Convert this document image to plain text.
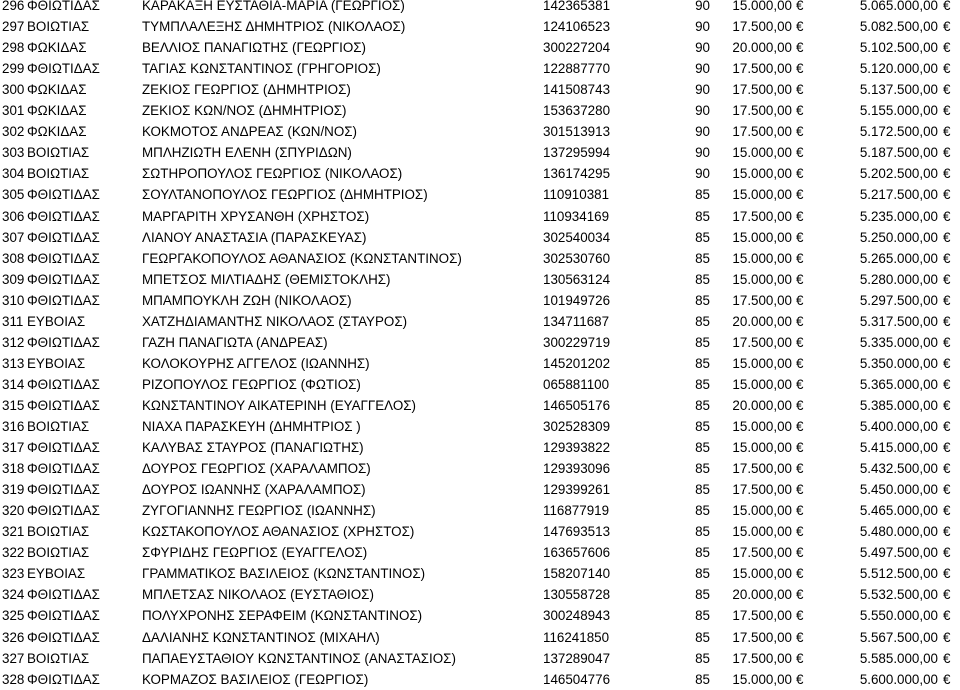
296 ΦΘΙΩΤΙΔΑΣ	ΚΑΡΑΚΑΞΗ ΕΥΣΤΑΘΙΑ-ΜΑΡΙΑ (ΓΕΩΡΓΙΟΣ)	142365381	90	15.000,00 €	5.065.000,00 €
297 ΒΟΙΩΤΙΑΣ	ΤΥΜΠΛΑΛΕΞΗΣ ΔΗΜΗΤΡΙΟΣ (ΝΙΚΟΛΑΟΣ)	124106523	90	17.500,00 €	5.082.500,00 €
298 ΦΩΚΙΔΑΣ	ΒΕΛΛΙΟΣ ΠΑΝΑΓΙΩΤΗΣ (ΓΕΩΡΓΙΟΣ)	300227204	90	20.000,00 €	5.102.500,00 €
299 ΦΘΙΩΤΙΔΑΣ	ΤΑΓΙΑΣ ΚΩΝΣΤΑΝΤΙΝΟΣ (ΓΡΗΓΟΡΙΟΣ)	122887770	90	17.500,00 €	5.120.000,00 €
300 ΦΩΚΙΔΑΣ	ΖΕΚΙΟΣ ΓΕΩΡΓΙΟΣ (ΔΗΜΗΤΡΙΟΣ)	141508743	90	17.500,00 €	5.137.500,00 €
301 ΦΩΚΙΔΑΣ	ΖΕΚΙΟΣ ΚΩΝ/ΝΟΣ (ΔΗΜΗΤΡΙΟΣ)	153637280	90	17.500,00 €	5.155.000,00 €
302 ΦΩΚΙΔΑΣ	ΚΟΚΜΟΤΟΣ ΑΝΔΡΕΑΣ (ΚΩΝ/ΝΟΣ)	301513913	90	17.500,00 €	5.172.500,00 €
303 ΒΟΙΩΤΙΑΣ	ΜΠΛΗΖΙΩΤΗ ΕΛΕΝΗ (ΣΠΥΡΙΔΩΝ)	137295994	90	15.000,00 €	5.187.500,00 €
304 ΒΟΙΩΤΙΑΣ	ΣΩΤΗΡΟΠΟΥΛΟΣ ΓΕΩΡΓΙΟΣ (ΝΙΚΟΛΑΟΣ)	136174295	90	15.000,00 €	5.202.500,00 €
305 ΦΘΙΩΤΙΔΑΣ	ΣΟΥΛΤΑΝΟΠΟΥΛΟΣ ΓΕΩΡΓΙΟΣ (ΔΗΜΗΤΡΙΟΣ)	110910381	85	15.000,00 €	5.217.500,00 €
306 ΦΘΙΩΤΙΔΑΣ	ΜΑΡΓΑΡΙΤΗ ΧΡΥΣΑΝΘΗ (ΧΡΗΣΤΟΣ)	110934169	85	17.500,00 €	5.235.000,00 €
307 ΦΘΙΩΤΙΔΑΣ	ΛΙΑΝΟΥ ΑΝΑΣΤΑΣΙΑ (ΠΑΡΑΣΚΕΥΑΣ)	302540034	85	15.000,00 €	5.250.000,00 €
308 ΦΘΙΩΤΙΔΑΣ	ΓΕΩΡΓΑΚΟΠΟΥΛΟΣ ΑΘΑΝΑΣΙΟΣ (ΚΩΝΣΤΑΝΤΙΝΟΣ)	302530760	85	15.000,00 €	5.265.000,00 €
309 ΦΘΙΩΤΙΔΑΣ	ΜΠΕΤΣΟΣ ΜΙΛΤΙΑΔΗΣ (ΘΕΜΙΣΤΟΚΛΗΣ)	130563124	85	15.000,00 €	5.280.000,00 €
310 ΦΘΙΩΤΙΔΑΣ	ΜΠΑΜΠΟΥΚΛΗ ΖΩΗ (ΝΙΚΟΛΑΟΣ)	101949726	85	17.500,00 €	5.297.500,00 €
311 ΕΥΒΟΙΑΣ	ΧΑΤΖΗΔΙΑΜΑΝΤΗΣ ΝΙΚΟΛΑΟΣ (ΣΤΑΥΡΟΣ)	134711687	85	20.000,00 €	5.317.500,00 €
312 ΦΘΙΩΤΙΔΑΣ	ΓΑΖΗ ΠΑΝΑΓΙΩΤΑ (ΑΝΔΡΕΑΣ)	300229719	85	17.500,00 €	5.335.000,00 €
313 ΕΥΒΟΙΑΣ	ΚΟΛΟΚΟΥΡΗΣ ΑΓΓΕΛΟΣ (ΙΩΑΝΝΗΣ)	145201202	85	15.000,00 €	5.350.000,00 €
314 ΦΘΙΩΤΙΔΑΣ	ΡΙΖΟΠΟΥΛΟΣ ΓΕΩΡΓΙΟΣ (ΦΩΤΙΟΣ)	065881100	85	15.000,00 €	5.365.000,00 €
315 ΦΘΙΩΤΙΔΑΣ	ΚΩΝΣΤΑΝΤΙΝΟΥ ΑΙΚΑΤΕΡΙΝΗ (ΕΥΑΓΓΕΛΟΣ)	146505176	85	20.000,00 €	5.385.000,00 €
316 ΒΟΙΩΤΙΑΣ	ΝΙΑΧΑ ΠΑΡΑΣΚΕΥΗ (ΔΗΜΗΤΡΙΟΣ )	302528309	85	15.000,00 €	5.400.000,00 €
317 ΦΘΙΩΤΙΔΑΣ	ΚΑΛΥΒΑΣ ΣΤΑΥΡΟΣ (ΠΑΝΑΓΙΩΤΗΣ)	129393822	85	15.000,00 €	5.415.000,00 €
318 ΦΘΙΩΤΙΔΑΣ	ΔΟΥΡΟΣ ΓΕΩΡΓΙΟΣ (ΧΑΡΑΛΑΜΠΟΣ)	129393096	85	17.500,00 €	5.432.500,00 €
319 ΦΘΙΩΤΙΔΑΣ	ΔΟΥΡΟΣ ΙΩΑΝΝΗΣ (ΧΑΡΑΛΑΜΠΟΣ)	129399261	85	17.500,00 €	5.450.000,00 €
320 ΦΘΙΩΤΙΔΑΣ	ΖΥΓΟΓΙΑΝΝΗΣ ΓΕΩΡΓΙΟΣ (ΙΩΑΝΝΗΣ)	116877919	85	15.000,00 €	5.465.000,00 €
321 ΒΟΙΩΤΙΑΣ	ΚΩΣΤΑΚΟΠΟΥΛΟΣ ΑΘΑΝΑΣΙΟΣ (ΧΡΗΣΤΟΣ)	147693513	85	15.000,00 €	5.480.000,00 €
322 ΒΟΙΩΤΙΑΣ	ΣΦΥΡΙΔΗΣ ΓΕΩΡΓΙΟΣ (ΕΥΑΓΓΕΛΟΣ)	163657606	85	17.500,00 €	5.497.500,00 €
323 ΕΥΒΟΙΑΣ	ΓΡΑΜΜΑΤΙΚΟΣ ΒΑΣΙΛΕΙΟΣ (ΚΩΝΣΤΑΝΤΙΝΟΣ)	158207140	85	15.000,00 €	5.512.500,00 €
324 ΦΘΙΩΤΙΔΑΣ	ΜΠΛΕΤΣΑΣ ΝΙΚΟΛΑΟΣ (ΕΥΣΤΑΘΙΟΣ)	130558728	85	20.000,00 €	5.532.500,00 €
325 ΦΘΙΩΤΙΔΑΣ	ΠΟΛΥΧΡΟΝΗΣ ΣΕΡΑΦΕΙΜ (ΚΩΝΣΤΑΝΤΙΝΟΣ)	300248943	85	17.500,00 €	5.550.000,00 €
326 ΦΘΙΩΤΙΔΑΣ	ΔΑΛΙΑΝΗΣ ΚΩΝΣΤΑΝΤΙΝΟΣ (ΜΙΧΑΗΛ)	116241850	85	17.500,00 €	5.567.500,00 €
327 ΒΟΙΩΤΙΑΣ	ΠΑΠΑΕΥΣΤΑΘΙΟΥ ΚΩΝΣΤΑΝΤΙΝΟΣ (ΑΝΑΣΤΑΣΙΟΣ)	137289047	85	17.500,00 €	5.585.000,00 €
328 ΦΘΙΩΤΙΔΑΣ	ΚΟΡΜΑΖΟΣ ΒΑΣΙΛΕΙΟΣ (ΓΕΩΡΓΙΟΣ)	146504776	85	15.000,00 €	5.600.000,00 €
